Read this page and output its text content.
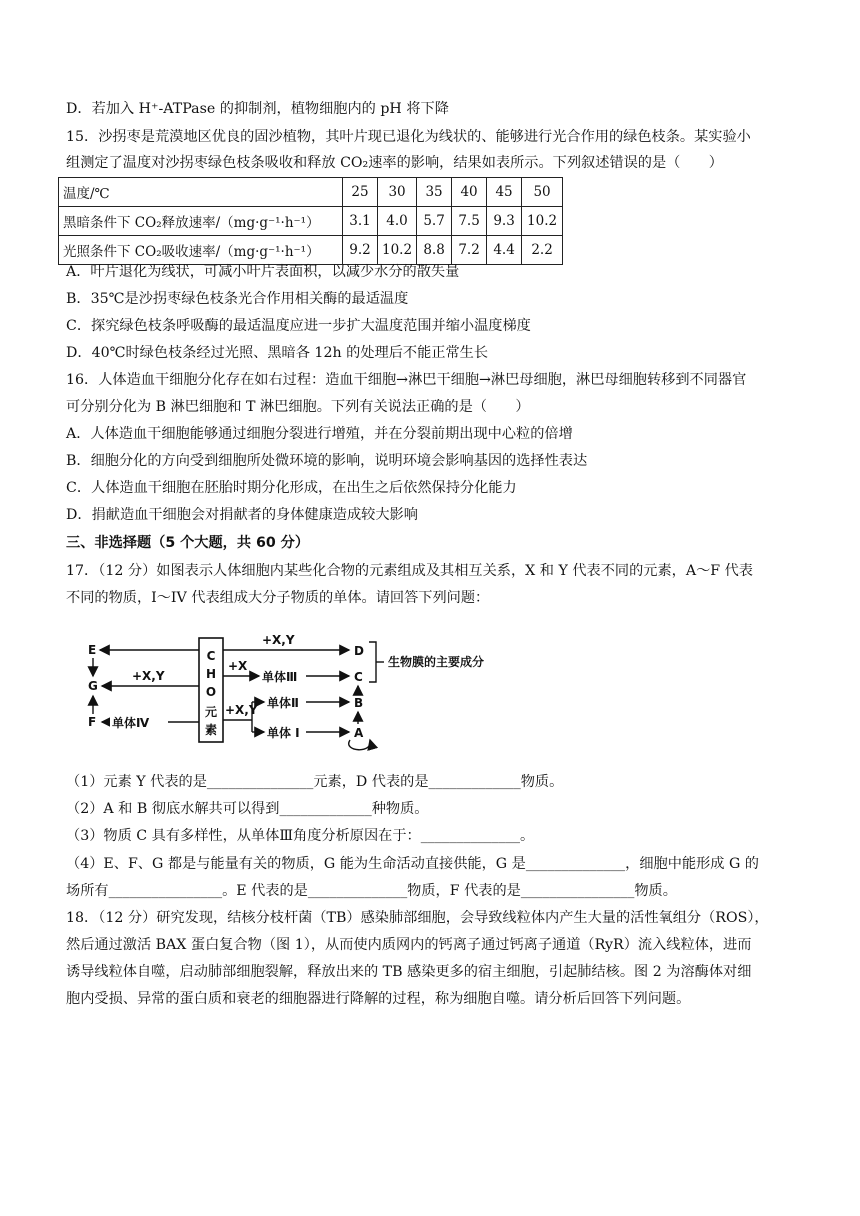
D．若加入 H⁺-ATPase 的抑制剂，植物细胞内的 pH 将下降
15．沙拐枣是荒漠地区优良的固沙植物，其叶片现已退化为线状的、能够进行光合作用的绿色枝条。某实验小
组测定了温度对沙拐枣绿色枝条吸收和释放 CO₂速率的影响，结果如表所示。下列叙述错误的是（　　）
温度/℃	25	30	35	40	45	50
黑暗条件下 CO₂释放速率/（mg·g⁻¹·h⁻¹）	3.1	4.0	5.7	7.5	9.3	10.2
光照条件下 CO₂吸收速率/（mg·g⁻¹·h⁻¹）	9.2	10.2	8.8	7.2	4.4	2.2
A．叶片退化为线状，可减小叶片表面积，以减少水分的散失量
B．35℃是沙拐枣绿色枝条光合作用相关酶的最适温度
C．探究绿色枝条呼吸酶的最适温度应进一步扩大温度范围并缩小温度梯度
D．40℃时绿色枝条经过光照、黑暗各 12h 的处理后不能正常生长
16．人体造血干细胞分化存在如右过程：造血干细胞→淋巴干细胞→淋巴母细胞，淋巴母细胞转移到不同器官
可分别分化为 B 淋巴细胞和 T 淋巴细胞。下列有关说法正确的是（　　）
A．人体造血干细胞能够通过细胞分裂进行增殖，并在分裂前期出现中心粒的倍增
B．细胞分化的方向受到细胞所处微环境的影响，说明环境会影响基因的选择性表达
C．人体造血干细胞在胚胎时期分化形成，在出生之后依然保持分化能力
D．捐献造血干细胞会对捐献者的身体健康造成较大影响
三、非选择题（5 个大题，共 60 分）
17．（12 分）如图表示人体细胞内某些化合物的元素组成及其相互关系，X 和 Y 代表不同的元素，A～F 代表
不同的物质，I～IV 代表组成大分子物质的单体。请回答下列问题：
C
H
O
元
素
E
G
F
+X,Y
D
+X,Y
+X
单体Ⅲ	C
生物膜的主要成分
单体Ⅳ
+X,Y 单体Ⅱ
单体 I
B
A
（1）元素 Y 代表的是_______________元素，D 代表的是_____________物质。
（2）A 和 B 彻底水解共可以得到_____________种物质。
（3）物质 C 具有多样性，从单体Ⅲ角度分析原因在于：______________。
（4）E、F、G 都是与能量有关的物质，G 能为生命活动直接供能，G 是______________，细胞中能形成 G 的
场所有________________。E 代表的是______________物质，F 代表的是________________物质。
18．（12 分）研究发现，结核分枝杆菌（TB）感染肺部细胞，会导致线粒体内产生大量的活性氧组分（ROS），
然后通过激活 BAX 蛋白复合物（图 1），从而使内质网内的钙离子通过钙离子通道（RyR）流入线粒体，进而
诱导线粒体自噬，启动肺部细胞裂解，释放出来的 TB 感染更多的宿主细胞，引起肺结核。图 2 为溶酶体对细
胞内受损、异常的蛋白质和衰老的细胞器进行降解的过程，称为细胞自噬。请分析后回答下列问题。
